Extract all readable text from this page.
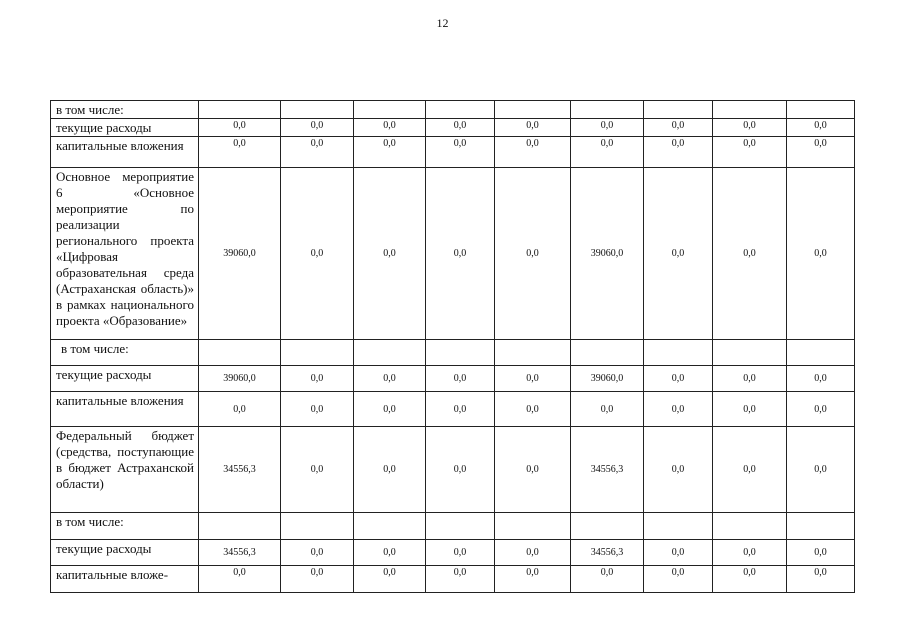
12
в том числе:									
текущие расходы	0,0	0,0	0,0	0,0	0,0	0,0	0,0	0,0	0,0
капитальные вложения	0,0	0,0	0,0	0,0	0,0	0,0	0,0	0,0	0,0
Основное мероприятие 6 «Основное мероприятие по реализации регионального проекта «Цифровая образовательная среда (Астраханская область)» в рамках национального проекта «Образование»	39060,0	0,0	0,0	0,0	0,0	39060,0	0,0	0,0	0,0
в том числе:									
текущие расходы	39060,0	0,0	0,0	0,0	0,0	39060,0	0,0	0,0	0,0
капитальные вложения	0,0	0,0	0,0	0,0	0,0	0,0	0,0	0,0	0,0
Федеральный бюджет (средства, поступающие в бюджет Астраханской области)	34556,3	0,0	0,0	0,0	0,0	34556,3	0,0	0,0	0,0
в том числе:									
текущие расходы	34556,3	0,0	0,0	0,0	0,0	34556,3	0,0	0,0	0,0
капитальные вложе-	0,0	0,0	0,0	0,0	0,0	0,0	0,0	0,0	0,0
